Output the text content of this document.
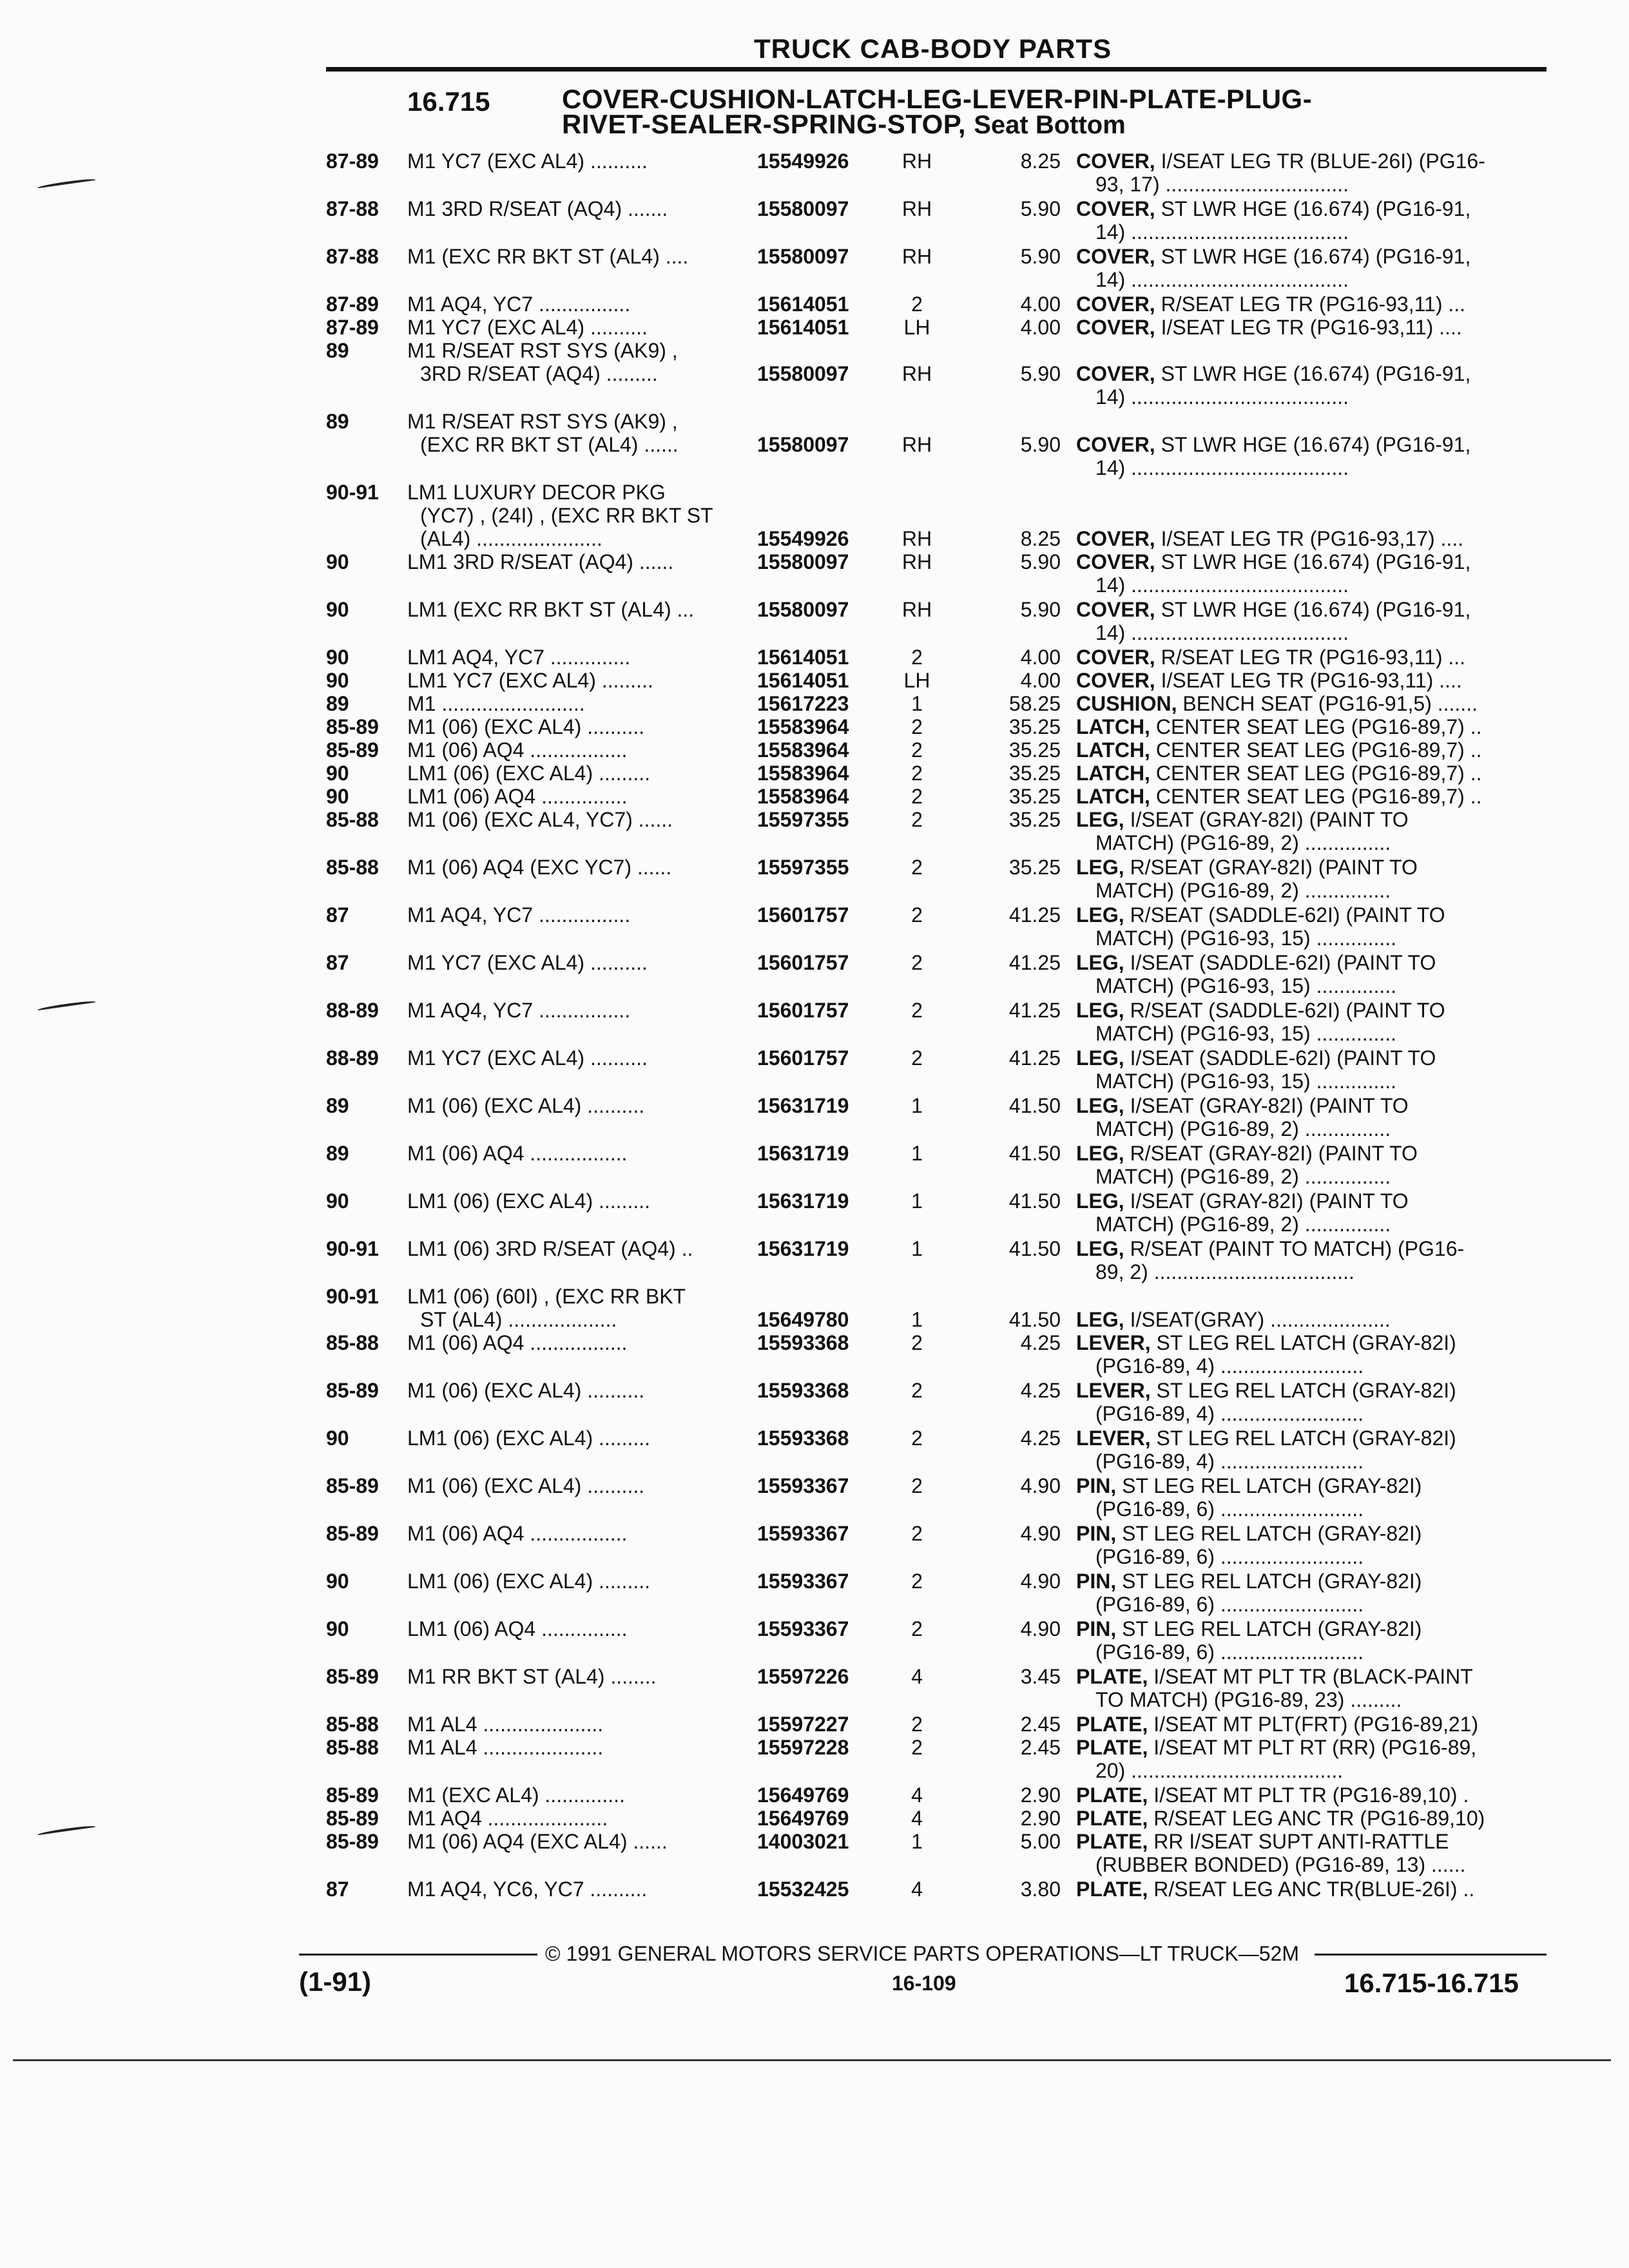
TRUCK CAB-BODY PARTS
16.715	COVER-CUSHION-LATCH-LEG-LEVER-PIN-PLATE-PLUG-
RIVET-SEALER-SPRING-STOP, Seat Bottom
87-89	M1 YC7 (EXC AL4) ..........	15549926	RH	8.25 COVER, I/SEAT LEG TR (BLUE-26I) (PG16-
93, 17) ................................
87-88	M1 3RD R/SEAT (AQ4) .......	15580097	RH	5.90 COVER, ST LWR HGE (16.674) (PG16-91,
14) ......................................
87-88	M1 (EXC RR BKT ST (AL4) ....	15580097	RH	5.90 COVER, ST LWR HGE (16.674) (PG16-91,
14) ......................................
87-89	M1 AQ4, YC7 ................	15614051	2	4.00 COVER, R/SEAT LEG TR (PG16-93,11) ...
87-89	M1 YC7 (EXC AL4) ..........	15614051	LH	4.00 COVER, I/SEAT LEG TR (PG16-93,11) ....
89	M1 R/SEAT RST SYS (AK9) ,
3RD R/SEAT (AQ4) .........	15580097	RH	5.90 COVER, ST LWR HGE (16.674) (PG16-91,
14) ......................................
89	M1 R/SEAT RST SYS (AK9) ,
(EXC RR BKT ST (AL4) ......	15580097	RH	5.90 COVER, ST LWR HGE (16.674) (PG16-91,
14) ......................................
90-91	LM1 LUXURY DECOR PKG
(YC7) , (24I) , (EXC RR BKT ST
(AL4) ......................	15549926	RH	8.25 COVER, I/SEAT LEG TR (PG16-93,17) ....
90	LM1 3RD R/SEAT (AQ4) ......	15580097	RH	5.90 COVER, ST LWR HGE (16.674) (PG16-91,
14) ......................................
90	LM1 (EXC RR BKT ST (AL4) ...	15580097	RH	5.90 COVER, ST LWR HGE (16.674) (PG16-91,
14) ......................................
90	LM1 AQ4, YC7 ..............	15614051	2	4.00 COVER, R/SEAT LEG TR (PG16-93,11) ...
90	LM1 YC7 (EXC AL4) .........	15614051	LH	4.00 COVER, I/SEAT LEG TR (PG16-93,11) ....
89	M1 .........................	15617223	1	58.25 CUSHION, BENCH SEAT (PG16-91,5) .......
85-89	M1 (06) (EXC AL4) ..........	15583964	2	35.25 LATCH, CENTER SEAT LEG (PG16-89,7) ..
85-89	M1 (06) AQ4 .................	15583964	2	35.25 LATCH, CENTER SEAT LEG (PG16-89,7) ..
90	LM1 (06) (EXC AL4) .........	15583964	2	35.25 LATCH, CENTER SEAT LEG (PG16-89,7) ..
90	LM1 (06) AQ4 ...............	15583964	2	35.25 LATCH, CENTER SEAT LEG (PG16-89,7) ..
85-88	M1 (06) (EXC AL4, YC7) ......	15597355	2	35.25 LEG, I/SEAT (GRAY-82I) (PAINT TO
MATCH) (PG16-89, 2) ...............
85-88	M1 (06) AQ4 (EXC YC7) ......	15597355	2	35.25 LEG, R/SEAT (GRAY-82I) (PAINT TO
MATCH) (PG16-89, 2) ...............
87	M1 AQ4, YC7 ................	15601757	2	41.25 LEG, R/SEAT (SADDLE-62I) (PAINT TO
MATCH) (PG16-93, 15) ..............
87	M1 YC7 (EXC AL4) ..........	15601757	2	41.25 LEG, I/SEAT (SADDLE-62I) (PAINT TO
MATCH) (PG16-93, 15) ..............
88-89	M1 AQ4, YC7 ................	15601757	2	41.25 LEG, R/SEAT (SADDLE-62I) (PAINT TO
MATCH) (PG16-93, 15) ..............
88-89	M1 YC7 (EXC AL4) ..........	15601757	2	41.25 LEG, I/SEAT (SADDLE-62I) (PAINT TO
MATCH) (PG16-93, 15) ..............
89	M1 (06) (EXC AL4) ..........	15631719	1	41.50 LEG, I/SEAT (GRAY-82I) (PAINT TO
MATCH) (PG16-89, 2) ...............
89	M1 (06) AQ4 .................	15631719	1	41.50 LEG, R/SEAT (GRAY-82I) (PAINT TO
MATCH) (PG16-89, 2) ...............
90	LM1 (06) (EXC AL4) .........	15631719	1	41.50 LEG, I/SEAT (GRAY-82I) (PAINT TO
MATCH) (PG16-89, 2) ...............
90-91	LM1 (06) 3RD R/SEAT (AQ4) ..	15631719	1	41.50 LEG, R/SEAT (PAINT TO MATCH) (PG16-
89, 2) ...................................
90-91	LM1 (06) (60I) , (EXC RR BKT
ST (AL4) ...................	15649780	1	41.50 LEG, I/SEAT(GRAY) .....................
85-88	M1 (06) AQ4 .................	15593368	2	4.25 LEVER, ST LEG REL LATCH (GRAY-82I)
(PG16-89, 4) .........................
85-89	M1 (06) (EXC AL4) ..........	15593368	2	4.25 LEVER, ST LEG REL LATCH (GRAY-82I)
(PG16-89, 4) .........................
90	LM1 (06) (EXC AL4) .........	15593368	2	4.25 LEVER, ST LEG REL LATCH (GRAY-82I)
(PG16-89, 4) .........................
85-89	M1 (06) (EXC AL4) ..........	15593367	2	4.90 PIN, ST LEG REL LATCH (GRAY-82I)
(PG16-89, 6) .........................
85-89	M1 (06) AQ4 .................	15593367	2	4.90 PIN, ST LEG REL LATCH (GRAY-82I)
(PG16-89, 6) .........................
90	LM1 (06) (EXC AL4) .........	15593367	2	4.90 PIN, ST LEG REL LATCH (GRAY-82I)
(PG16-89, 6) .........................
90	LM1 (06) AQ4 ...............	15593367	2	4.90 PIN, ST LEG REL LATCH (GRAY-82I)
(PG16-89, 6) .........................
85-89	M1 RR BKT ST (AL4) ........	15597226	4	3.45 PLATE, I/SEAT MT PLT TR (BLACK-PAINT
TO MATCH) (PG16-89, 23) .........
85-88	M1 AL4 .....................	15597227	2	2.45 PLATE, I/SEAT MT PLT(FRT) (PG16-89,21)
85-88	M1 AL4 .....................	15597228	2	2.45 PLATE, I/SEAT MT PLT RT (RR) (PG16-89,
20) .....................................
85-89	M1 (EXC AL4) ..............	15649769	4	2.90 PLATE, I/SEAT MT PLT TR (PG16-89,10) .
85-89	M1 AQ4 .....................	15649769	4	2.90 PLATE, R/SEAT LEG ANC TR (PG16-89,10)
85-89	M1 (06) AQ4 (EXC AL4) ......	14003021	1	5.00 PLATE, RR I/SEAT SUPT ANTI-RATTLE
(RUBBER BONDED) (PG16-89, 13) ......
87	M1 AQ4, YC6, YC7 ..........	15532425	4	3.80 PLATE, R/SEAT LEG ANC TR(BLUE-26I) ..
© 1991 GENERAL MOTORS SERVICE PARTS OPERATIONS—LT TRUCK—52M
(1-91)	16-109	16.715-16.715
